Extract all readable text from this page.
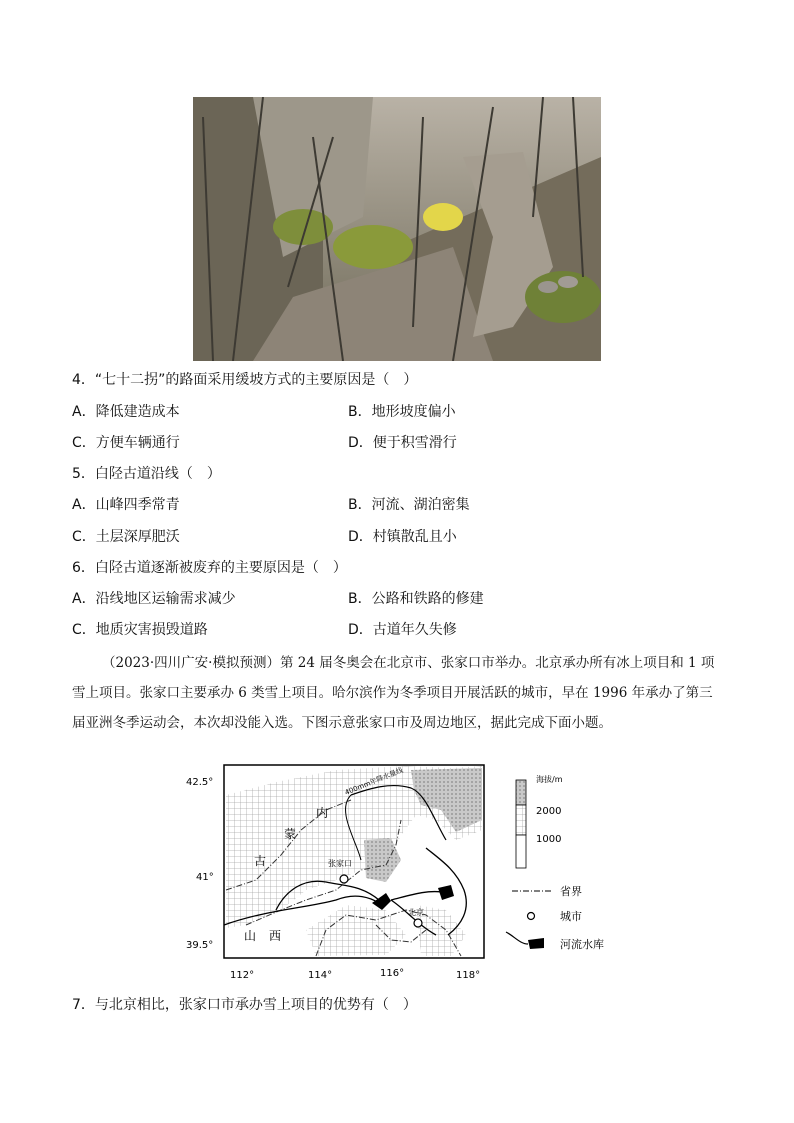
4．“七十二拐”的路面采用缓坡方式的主要原因是（　）
A．降低建造成本	B．地形坡度偏小
C．方便车辆通行	D．便于积雪滑行
5．白陉古道沿线（　）
A．山峰四季常青	B．河流、湖泊密集
C．土层深厚肥沃	D．村镇散乱且小
6．白陉古道逐渐被废弃的主要原因是（　）
A．沿线地区运输需求减少	B．公路和铁路的修建
C．地质灾害损毁道路	D．古道年久失修
（2023·四川广安·模拟预测）第 24 届冬奥会在北京市、张家口市举办。北京承办所有冰上项目和 1 项
雪上项目。张家口主要承办 6 类雪上项目。哈尔滨作为冬季项目开展活跃的城市，早在 1996 年承办了第三
届亚洲冬季运动会，本次却没能入选。下图示意张家口市及周边地区，据此完成下面小题。
张家口
北京
内
蒙
古
山 西
400mm年降水量线
42.5°
41°
39.5°
112°	114°	116°	118°
海拔/m
2000
1000
省界
城市
河流水库
7．与北京相比，张家口市承办雪上项目的优势有（　）
